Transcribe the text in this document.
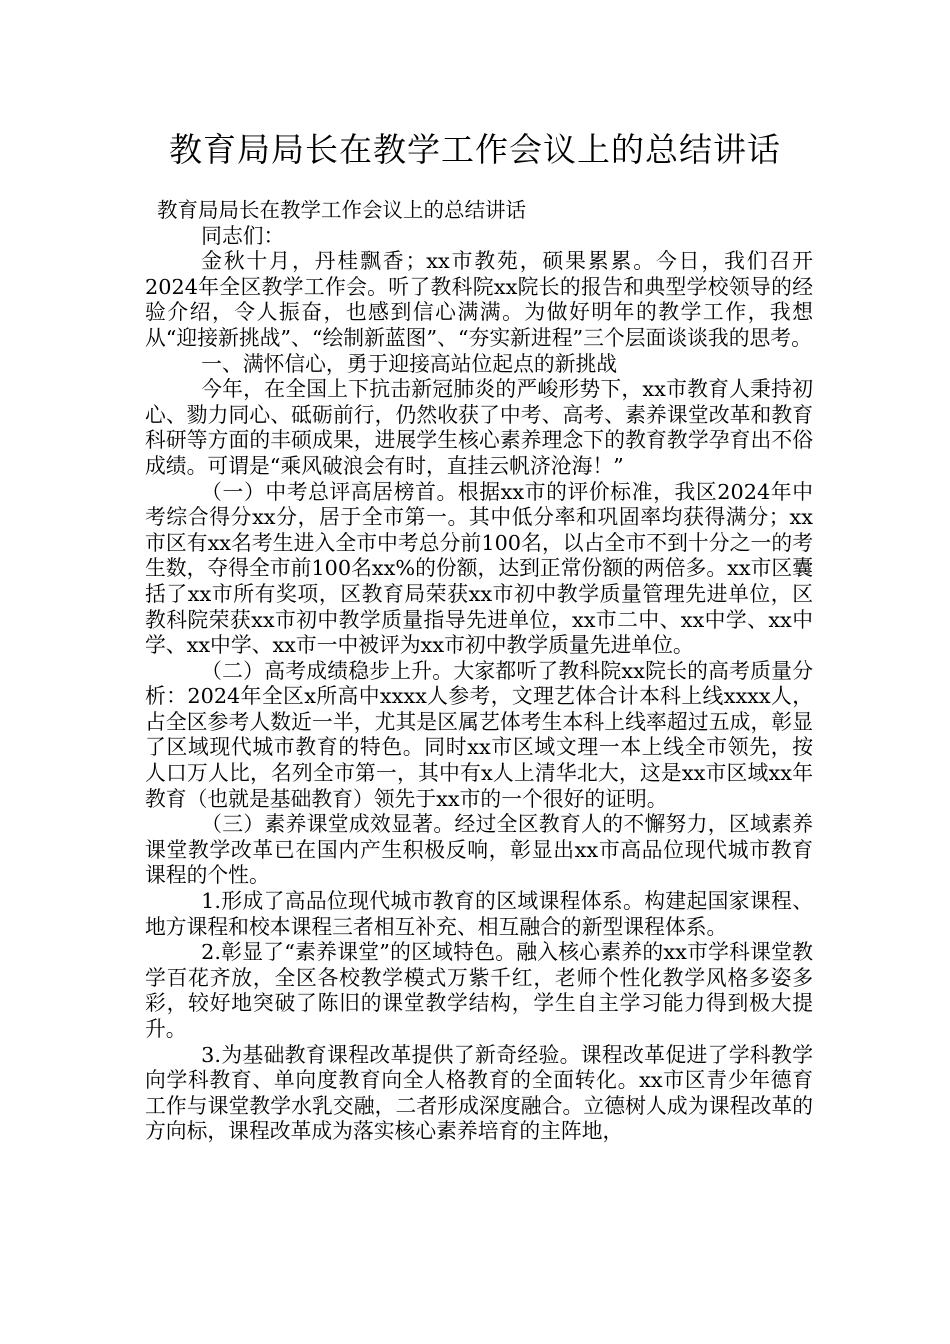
教育局局长在教学工作会议上的总结讲话

教育局局长在教学工作会议上的总结讲话

同志们：

金秋十月，丹桂飘香；xx市教苑，硕果累累。今日，我们召开2024年全区教学工作会。听了教科院xx院长的报告和典型学校领导的经验介绍，令人振奋，也感到信心满满。为做好明年的教学工作，我想从“迎接新挑战”、“绘制新蓝图”、“夯实新进程”三个层面谈谈我的思考。

一、满怀信心，勇于迎接高站位起点的新挑战

今年，在全国上下抗击新冠肺炎的严峻形势下，xx市教育人秉持初心、勠力同心、砥砺前行，仍然收获了中考、高考、素养课堂改革和教育科研等方面的丰硕成果，进展学生核心素养理念下的教育教学孕育出不俗成绩。可谓是“乘风破浪会有时，直挂云帆济沧海！”

（一）中考总评高居榜首。根据xx市的评价标准，我区2024年中考综合得分xx分，居于全市第一。其中低分率和巩固率均获得满分；xx市区有xx名考生进入全市中考总分前100名，以占全市不到十分之一的考生数，夺得全市前100名xx%的份额，达到正常份额的两倍多。xx市区囊括了xx市所有奖项，区教育局荣获xx市初中教学质量管理先进单位，区教科院荣获xx市初中教学质量指导先进单位，xx市二中、xx中学、xx中学、xx中学、xx市一中被评为xx市初中教学质量先进单位。

（二）高考成绩稳步上升。大家都听了教科院xx院长的高考质量分析：2024年全区x所高中xxxx人参考，文理艺体合计本科上线xxxx人，占全区参考人数近一半，尤其是区属艺体考生本科上线率超过五成，彰显了区域现代城市教育的特色。同时xx市区域文理一本上线全市领先，按人口万人比，名列全市第一，其中有x人上清华北大，这是xx市区域xx年教育（也就是基础教育）领先于xx市的一个很好的证明。

（三）素养课堂成效显著。经过全区教育人的不懈努力，区域素养课堂教学改革已在国内产生积极反响，彰显出xx市高品位现代城市教育课程的个性。

1.形成了高品位现代城市教育的区域课程体系。构建起国家课程、地方课程和校本课程三者相互补充、相互融合的新型课程体系。

2.彰显了“素养课堂”的区域特色。融入核心素养的xx市学科课堂教学百花齐放，全区各校教学模式万紫千红，老师个性化教学风格多姿多彩，较好地突破了陈旧的课堂教学结构，学生自主学习能力得到极大提升。

3.为基础教育课程改革提供了新奇经验。课程改革促进了学科教学向学科教育、单向度教育向全人格教育的全面转化。xx市区青少年德育工作与课堂教学水乳交融，二者形成深度融合。立德树人成为课程改革的方向标，课程改革成为落实核心素养培育的主阵地，
